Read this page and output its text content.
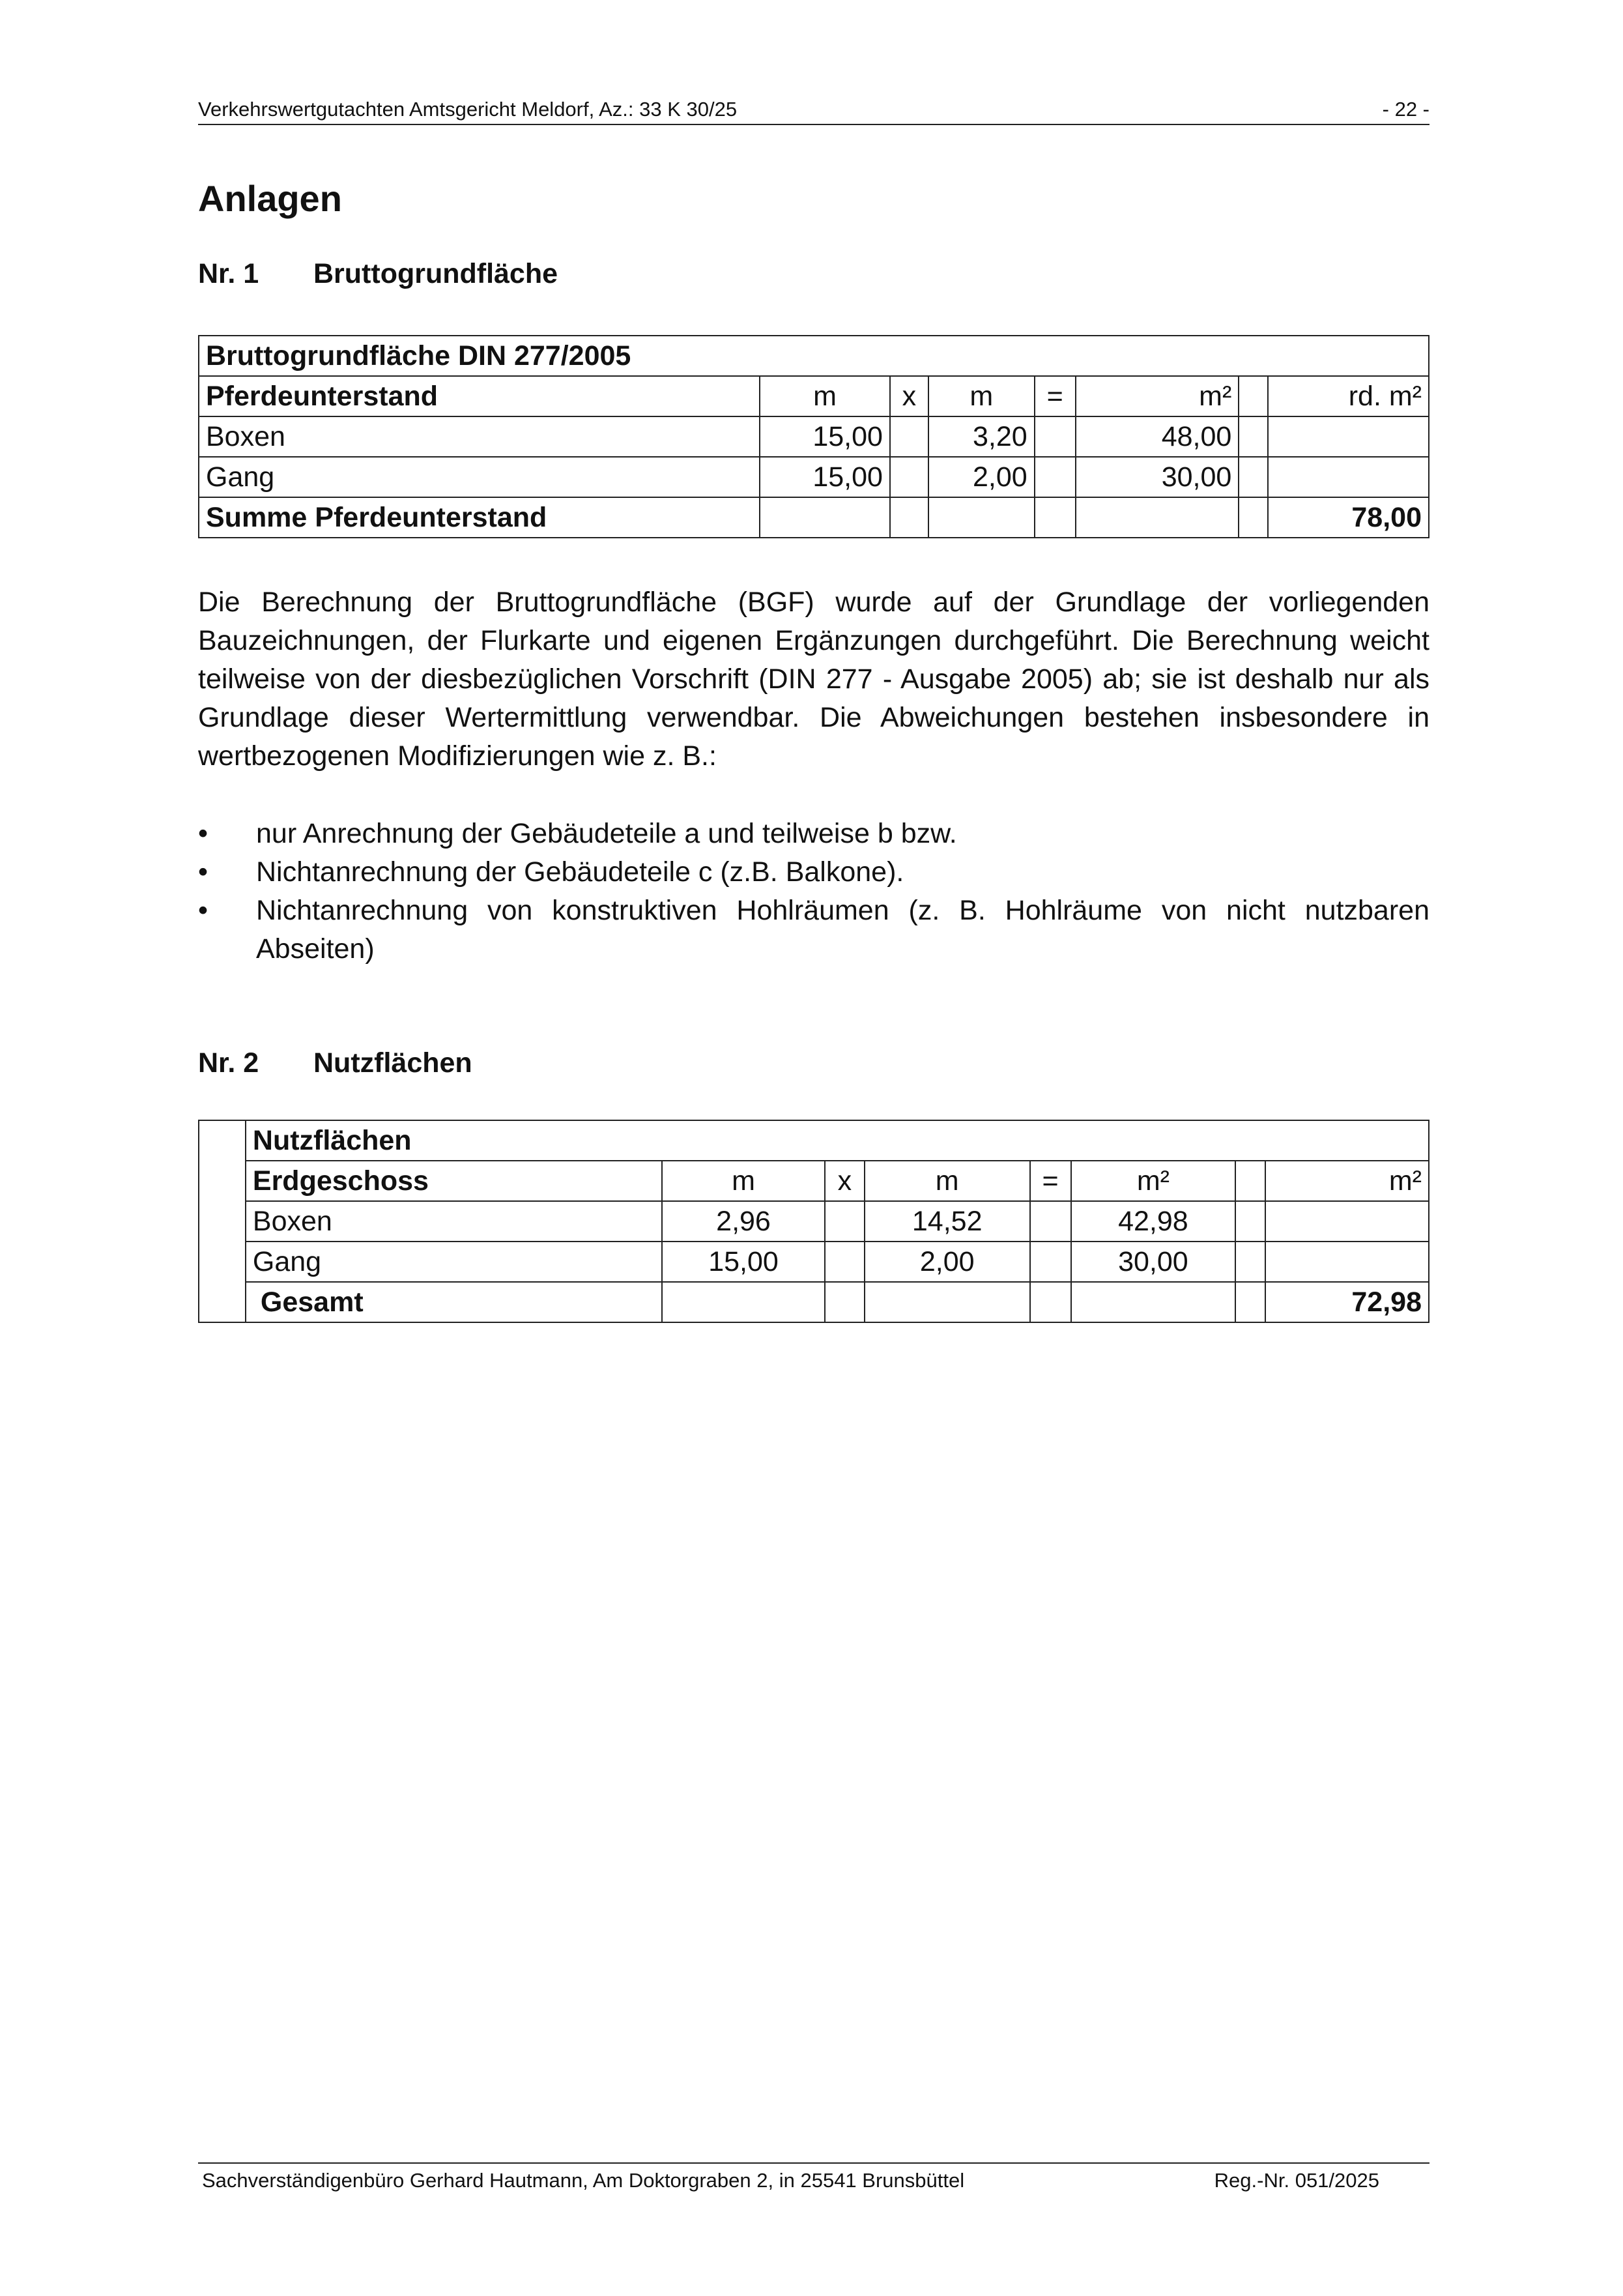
Verkehrswertgutachten Amtsgericht Meldorf, Az.: 33 K 30/25	- 22 -
Anlagen
Nr. 1 Bruttogrundfläche
Bruttogrundfläche DIN 277/2005							
Pferdeunterstand	m	x	m	=	m²		rd. m²
Boxen	15,00		3,20		48,00		
Gang	15,00		2,00		30,00		
Summe Pferdeunterstand							78,00
Die Berechnung der Bruttogrundfläche (BGF) wurde auf der Grundlage der vorliegenden Bauzeichnungen, der Flurkarte und eigenen Ergänzungen durchgeführt. Die Berechnung weicht teilweise von der diesbezüglichen Vorschrift (DIN 277 - Ausgabe 2005) ab; sie ist deshalb nur als Grundlage dieser Wertermittlung verwendbar. Die Abweichungen bestehen insbesondere in wertbezogenen Modifizierungen wie z. B.:
• nur Anrechnung der Gebäudeteile a und teilweise b bzw.
• Nichtanrechnung der Gebäudeteile c (z.B. Balkone).
• Nichtanrechnung von konstruktiven Hohlräumen (z. B. Hohlräume von nicht nutzbaren Abseiten)
Nr. 2 Nutzflächen
	Nutzflächen							
	Erdgeschoss	m	x	m	=	m²		m²
	Boxen	2,96		14,52		42,98		
	Gang	15,00		2,00		30,00		
	Gesamt							72,98
Sachverständigenbüro Gerhard Hautmann, Am Doktorgraben 2, in 25541 Brunsbüttel	Reg.-Nr. 051/2025
